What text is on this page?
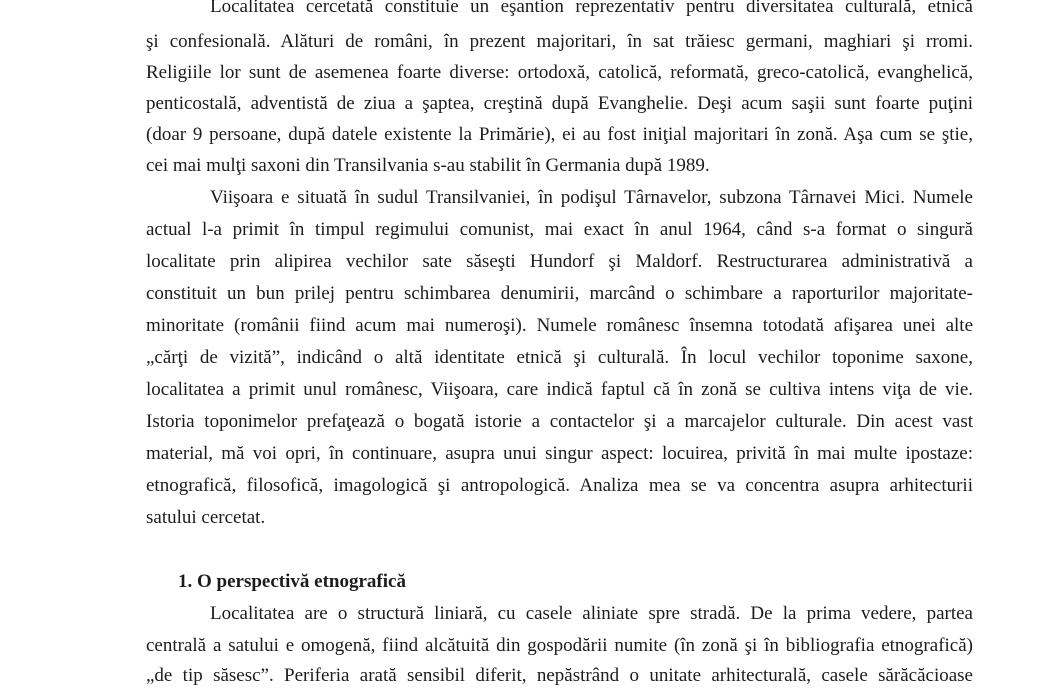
Localitatea cercetată constituie un eşantion reprezentativ pentru diversitatea culturală, etnică
şi confesională. Alături de români, în prezent majoritari, în sat trăiesc germani, maghiari şi rromi.
Religiile lor sunt de asemenea foarte diverse: ortodoxă, catolică, reformată, greco-catolică, evanghelică,
penticostală, adventistă de ziua a şaptea, creştină după Evanghelie. Deşi acum saşii sunt foarte puţini
(doar 9 persoane, după datele existente la Primărie), ei au fost iniţial majoritari în zonă. Aşa cum se ştie,
cei mai mulţi saxoni din Transilvania s-au stabilit în Germania după 1989.
Viişoara e situată în sudul Transilvaniei, în podişul Târnavelor, subzona Târnavei Mici. Numele
actual l-a primit în timpul regimului comunist, mai exact în anul 1964, când s-a format o singură
localitate prin alipirea vechilor sate săseşti Hundorf şi Maldorf. Restructurarea administrativă a
constituit un bun prilej pentru schimbarea denumirii, marcând o schimbare a raporturilor majoritate-
minoritate (românii fiind acum mai numeroşi). Numele românesc însemna totodată afişarea unei alte
„cărţi de vizită”, indicând o altă identitate etnică şi culturală. În locul vechilor toponime saxone,
localitatea a primit unul românesc, Viişoara, care indică faptul că în zonă se cultiva intens viţa de vie.
Istoria toponimelor prefaţează o bogată istorie a contactelor şi a marcajelor culturale. Din acest vast
material, mă voi opri, în continuare, asupra unui singur aspect: locuirea, privită în mai multe ipostaze:
etnografică, filosofică, imagologică şi antropologică. Analiza mea se va concentra asupra arhitecturii
satului cercetat.
1. O perspectivă etnografică
Localitatea are o structură liniară, cu casele aliniate spre stradă. De la prima vedere, partea
centrală a satului e omogenă, fiind alcătuită din gospodării numite (în zonă şi în bibliografia etnografică)
„de tip săsesc”. Periferia arată sensibil diferit, nepăstrând o unitate arhitecturală, casele sărăcăcioase
